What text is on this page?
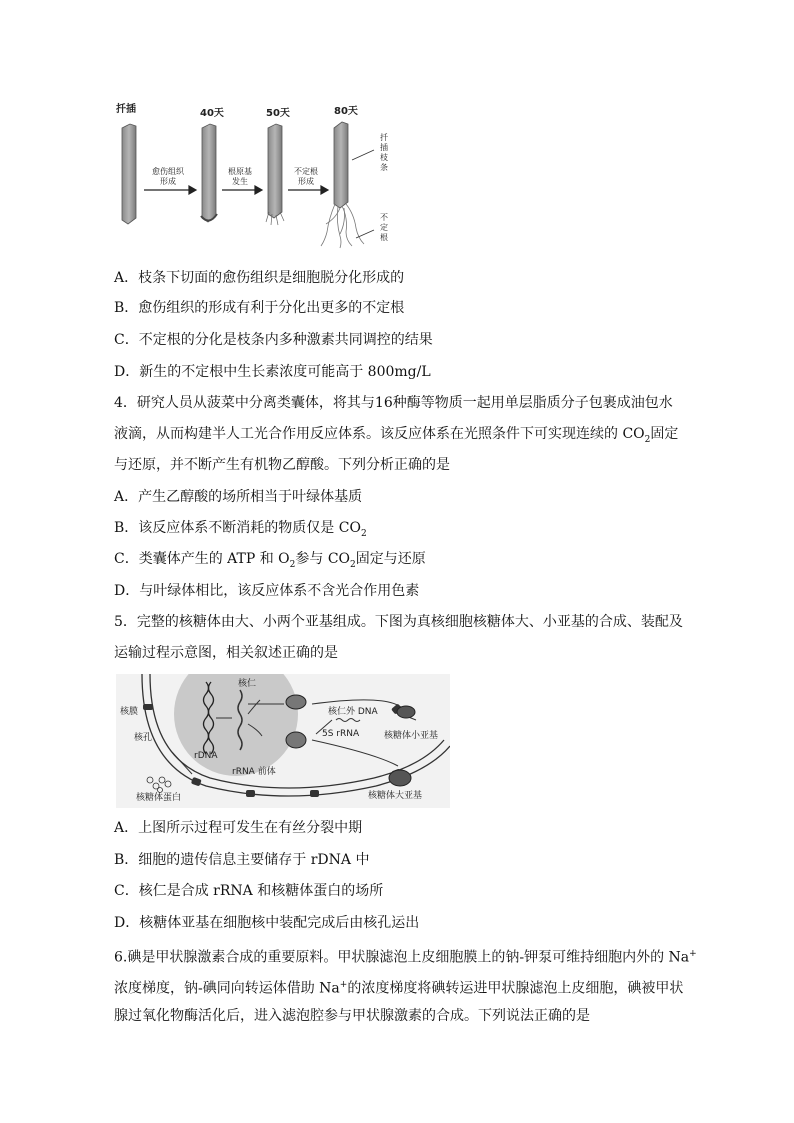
扦插	40天	50天	80天
愈伤组织
形成
根原基
发生
不定根
形成
扦
插
枝
条
不
定
根
A．枝条下切面的愈伤组织是细胞脱分化形成的
B．愈伤组织的形成有利于分化出更多的不定根
C．不定根的分化是枝条内多种激素共同调控的结果
D．新生的不定根中生长素浓度可能高于 800mg/L
4．研究人员从菠菜中分离类囊体，将其与16种酶等物质一起用单层脂质分子包裹成油包水
液滴，从而构建半人工光合作用反应体系。该反应体系在光照条件下可实现连续的 $CO_2$固定
与还原，并不断产生有机物乙醇酸。下列分析正确的是
A．产生乙醇酸的场所相当于叶绿体基质
B．该反应体系不断消耗的物质仅是 $CO_2$
C．类囊体产生的 ATP 和 $O_2$参与 $CO_2$固定与还原
D．与叶绿体相比，该反应体系不含光合作用色素
5．完整的核糖体由大、小两个亚基组成。下图为真核细胞核糖体大、小亚基的合成、装配及
运输过程示意图，相关叙述正确的是
核仁
核膜
核孔
rDNA
rRNA 前体
核仁外 DNA
5S rRNA	核糖体小亚基
核糖体大亚基
核糖体蛋白
A．上图所示过程可发生在有丝分裂中期
B．细胞的遗传信息主要储存于 rDNA 中
C．核仁是合成 rRNA 和核糖体蛋白的场所
D．核糖体亚基在细胞核中装配完成后由核孔运出
6.碘是甲状腺激素合成的重要原料。甲状腺滤泡上皮细胞膜上的钠-钾泵可维持细胞内外的 Na+
浓度梯度，钠-碘同向转运体借助 Na+的浓度梯度将碘转运进甲状腺滤泡上皮细胞，碘被甲状
腺过氧化物酶活化后，进入滤泡腔参与甲状腺激素的合成。下列说法正确的是
